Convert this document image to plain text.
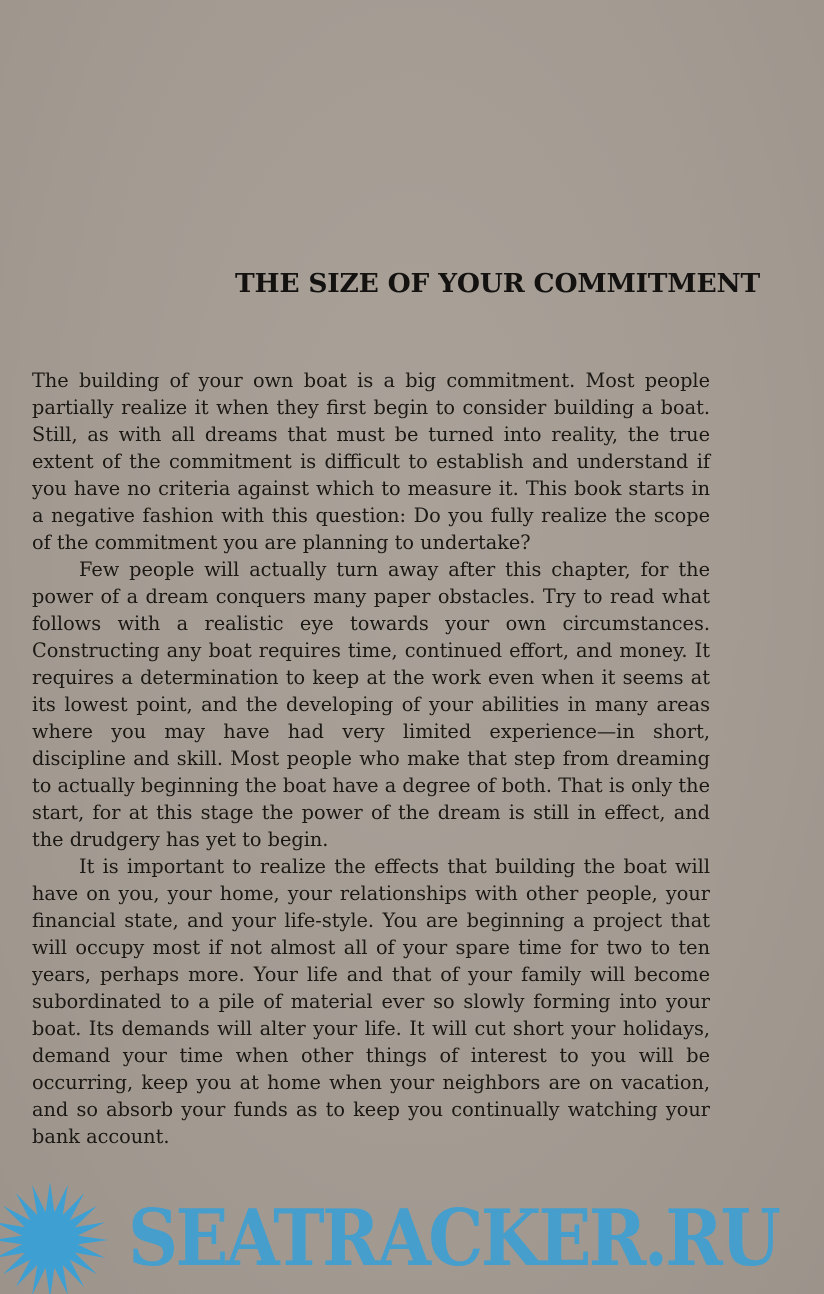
THE SIZE OF YOUR COMMITMENT

The building of your own boat is a big commitment. Most people partially realize it when they first begin to consider building a boat. Still, as with all dreams that must be turned into reality, the true extent of the commitment is difficult to establish and understand if you have no criteria against which to measure it. This book starts in a negative fashion with this question: Do you fully realize the scope of the commitment you are planning to undertake?

Few people will actually turn away after this chapter, for the power of a dream conquers many paper obstacles. Try to read what follows with a realistic eye towards your own circumstances. Constructing any boat requires time, continued effort, and money. It requires a determination to keep at the work even when it seems at its lowest point, and the developing of your abilities in many areas where you may have had very limited experience—in short, discipline and skill. Most people who make that step from dreaming to actually beginning the boat have a degree of both. That is only the start, for at this stage the power of the dream is still in effect, and the drudgery has yet to begin.

It is important to realize the effects that building the boat will have on you, your home, your relationships with other people, your financial state, and your life-style. You are beginning a project that will occupy most if not almost all of your spare time for two to ten years, perhaps more. Your life and that of your family will become subordinated to a pile of material ever so slowly forming into your boat. Its demands will alter your life. It will cut short your holidays, demand your time when other things of interest to you will be occurring, keep you at home when your neighbors are on vacation, and so absorb your funds as to keep you continually watching your bank account.

SEATRACKER.RU
